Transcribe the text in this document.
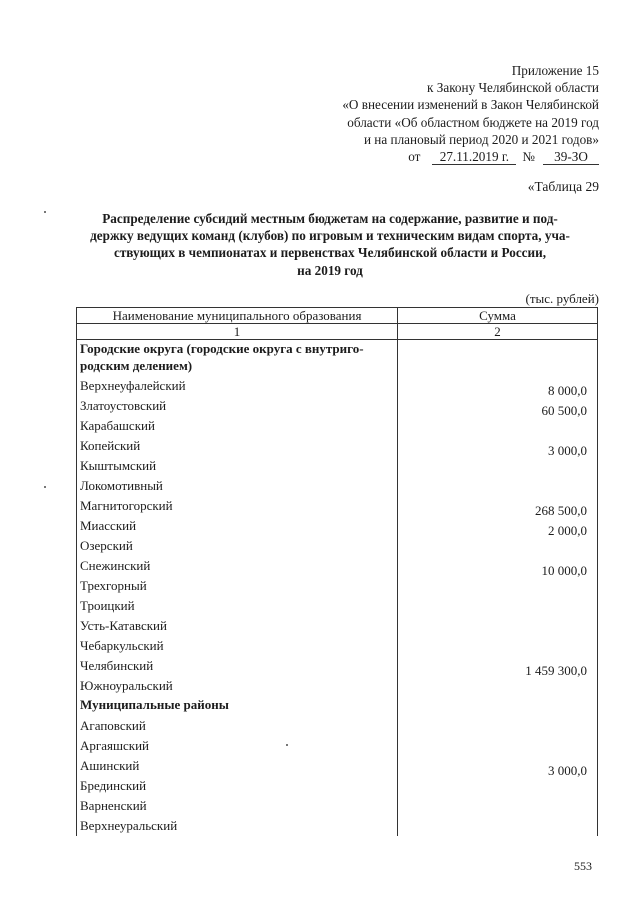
Приложение 15
к Закону Челябинской области
«О внесении изменений в Закон Челябинской
области «Об областном бюджете на 2019 год
и на плановый период 2020 и 2021 годов»
от 27.11.2019 г. № 39-ЗО
«Таблица 29
Распределение субсидий местным бюджетам на содержание, развитие и под-
держку ведущих команд (клубов) по игровым и техническим видам спорта, уча-
ствующих в чемпионатах и первенствах Челябинской области и России,
на 2019 год
(тыс. рублей)
Наименование муниципального образования	Сумма
1	2

Городские округа (городские округа с внутриго-
родским делением)	

Верхнеуфалейский	8 000,0
Златоустовский	60 500,0
Карабашский	
Копейский	3 000,0
Кыштымский	
Локомотивный	
Магнитогорский	268 500,0
Миасский	2 000,0
Озерский	
Снежинский	10 000,0
Трехгорный	
Троицкий	
Усть-Катавский	
Чебаркульский	
Челябинский	1 459 300,0
Южноуральский	

Муниципальные районы	

Агаповский	
Аргаяшский	
Ашинский	3 000,0
Брединский	
Варненский	
Верхнеуральский	
553
